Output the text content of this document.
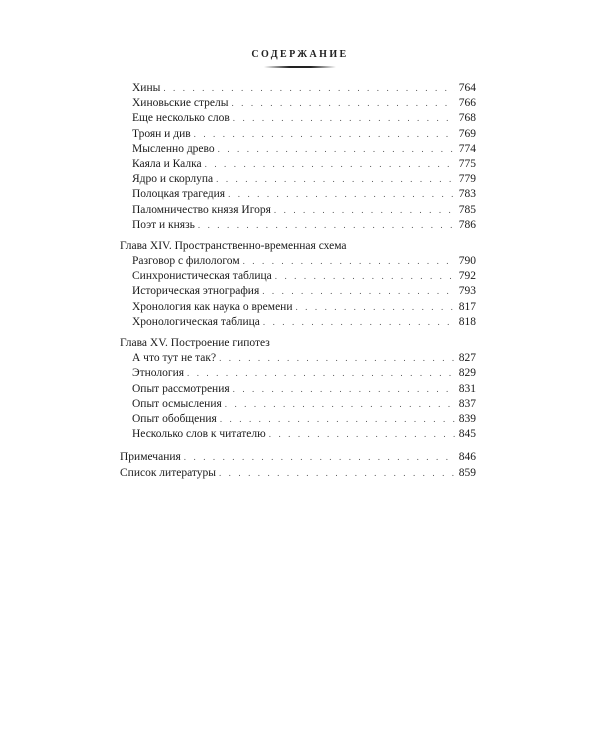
СОДЕРЖАНИЕ
Хины . . .	764
Хиновьские стрелы . . .	766
Еще несколько слов . . .	768
Троян и див . . .	769
Мысленно древо . . .	774
Каяла и Калка . . .	775
Ядро и скорлупа . . .	779
Полоцкая трагедия . . .	783
Паломничество князя Игоря . . .	785
Поэт и князь . . .	786
Глава XIV. Пространственно-временная схема
Разговор с филологом . . .	790
Синхронистическая таблица . . .	792
Историческая этнография . . .	793
Хронология как наука о времени . . .	817
Хронологическая таблица . . .	818
Глава XV. Построение гипотез
А что тут не так? . . .	827
Этнология . . .	829
Опыт рассмотрения . . .	831
Опыт осмысления . . .	837
Опыт обобщения . . .	839
Несколько слов к читателю . . .	845
Примечания . . .	846
Список литературы . . .	859
